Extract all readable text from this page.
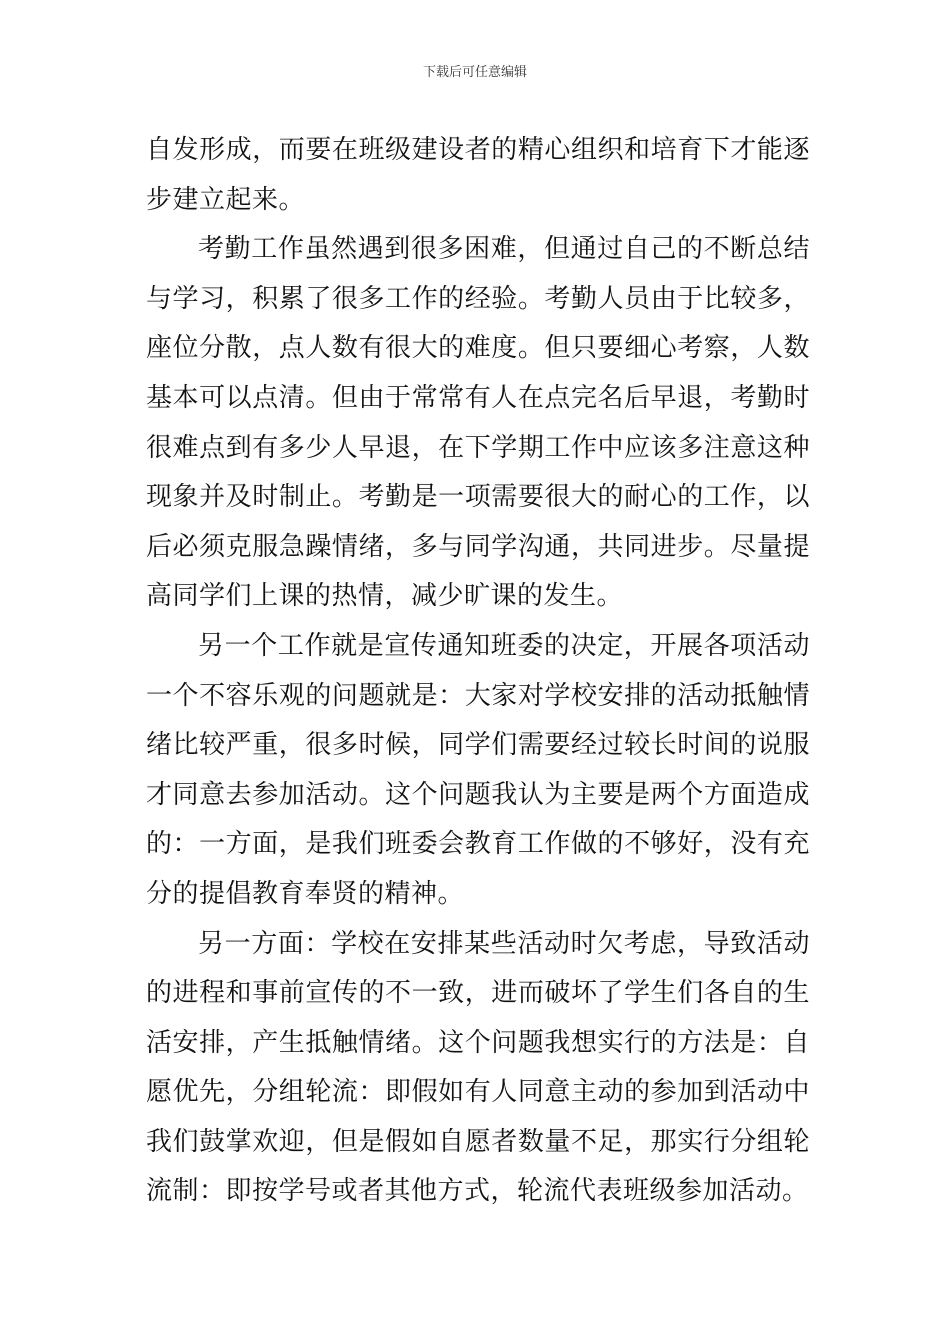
下载后可任意编辑

自发形成，而要在班级建设者的精心组织和培育下才能逐步建立起来。

考勤工作虽然遇到很多困难，但通过自己的不断总结与学习，积累了很多工作的经验。考勤人员由于比较多，座位分散，点人数有很大的难度。但只要细心考察，人数基本可以点清。但由于常常有人在点完名后早退，考勤时很难点到有多少人早退，在下学期工作中应该多注意这种现象并及时制止。考勤是一项需要很大的耐心的工作，以后必须克服急躁情绪，多与同学沟通，共同进步。尽量提高同学们上课的热情，减少旷课的发生。

另一个工作就是宣传通知班委的决定，开展各项活动一个不容乐观的问题就是：大家对学校安排的活动抵触情绪比较严重，很多时候，同学们需要经过较长时间的说服才同意去参加活动。这个问题我认为主要是两个方面造成的：一方面，是我们班委会教育工作做的不够好，没有充分的提倡教育奉贤的精神。

另一方面：学校在安排某些活动时欠考虑，导致活动的进程和事前宣传的不一致，进而破坏了学生们各自的生活安排，产生抵触情绪。这个问题我想实行的方法是：自愿优先，分组轮流：即假如有人同意主动的参加到活动中我们鼓掌欢迎，但是假如自愿者数量不足，那实行分组轮流制：即按学号或者其他方式，轮流代表班级参加活动。
